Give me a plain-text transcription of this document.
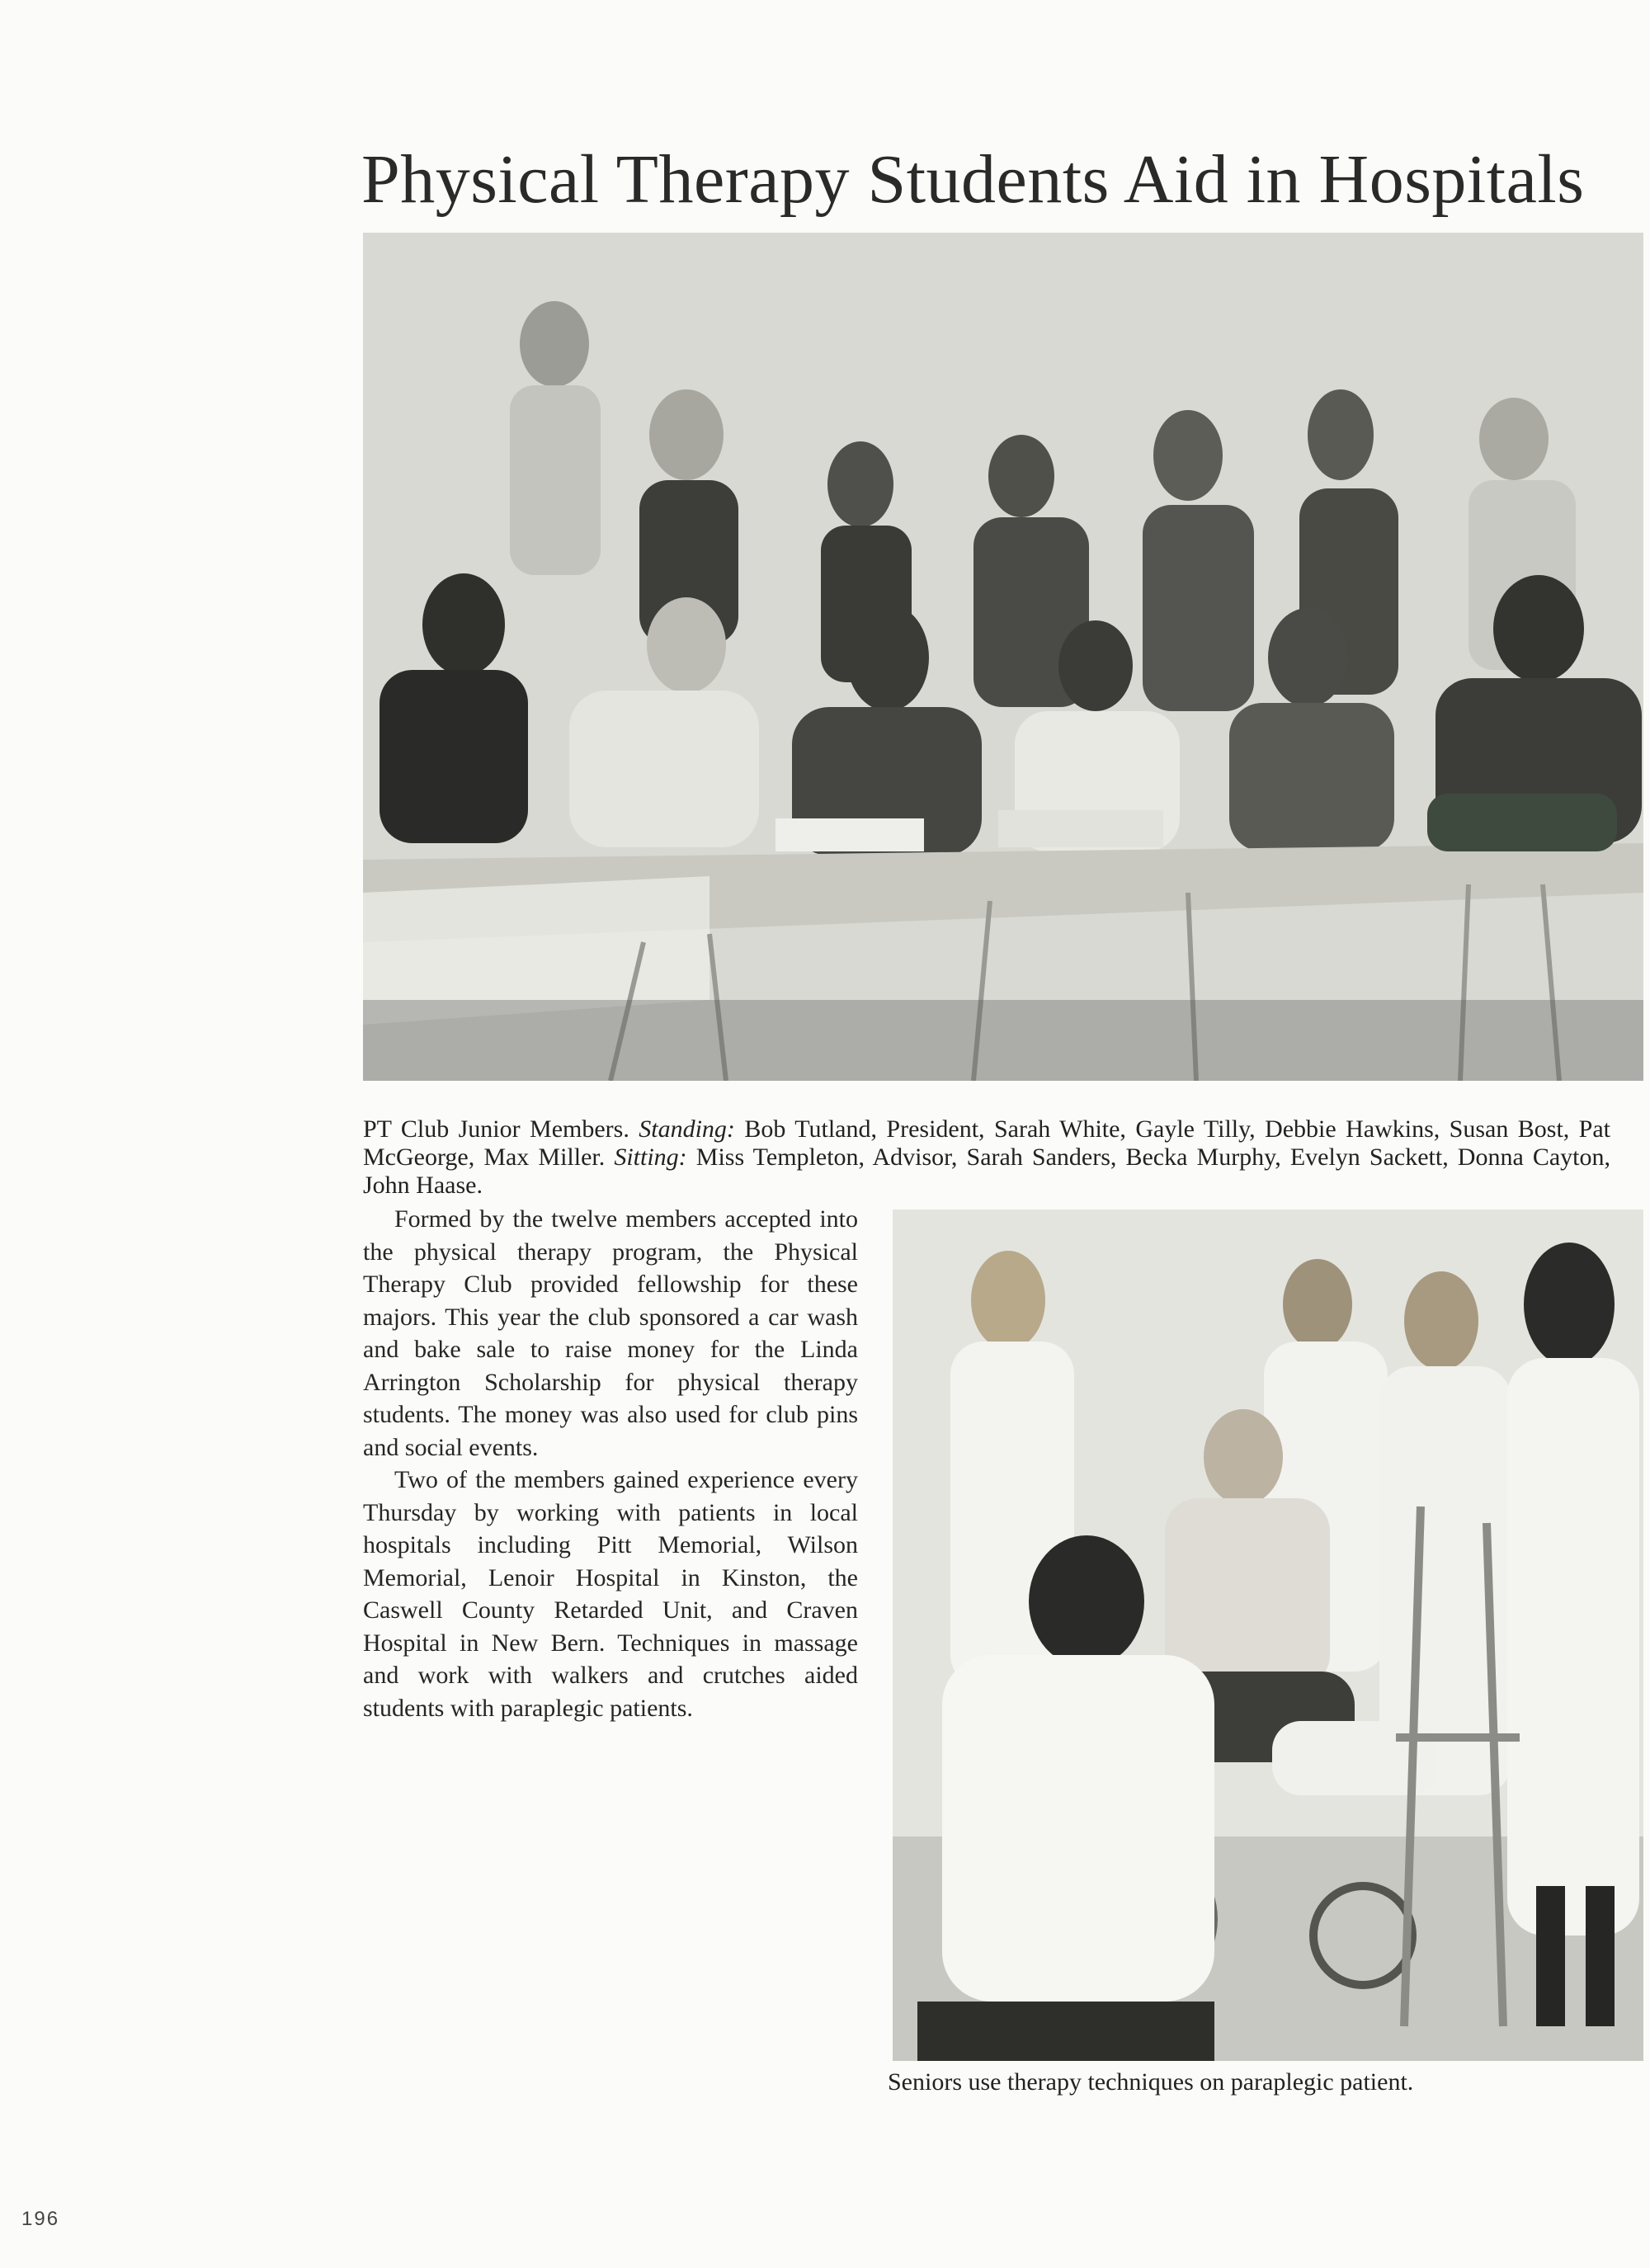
Physical Therapy Students Aid in Hospitals

PT Club Junior Members. Standing: Bob Tutland, President, Sarah White, Gayle Tilly, Debbie Hawkins, Susan Bost, Pat McGeorge, Max Miller. Sitting: Miss Templeton, Advisor, Sarah Sanders, Becka Murphy, Evelyn Sackett, Donna Cayton, John Haase.

Formed by the twelve members accepted into the physical therapy program, the Physical Therapy Club provided fellowship for these majors. This year the club sponsored a car wash and bake sale to raise money for the Linda Arrington Scholarship for physical therapy students. The money was also used for club pins and social events.

Two of the members gained experience every Thursday by working with patients in local hospitals including Pitt Memorial, Wilson Memorial, Lenoir Hospital in Kinston, the Caswell County Retarded Unit, and Craven Hospital in New Bern. Techniques in massage and work with walkers and crutches aided students with paraplegic patients.

Seniors use therapy techniques on paraplegic patient.
196
